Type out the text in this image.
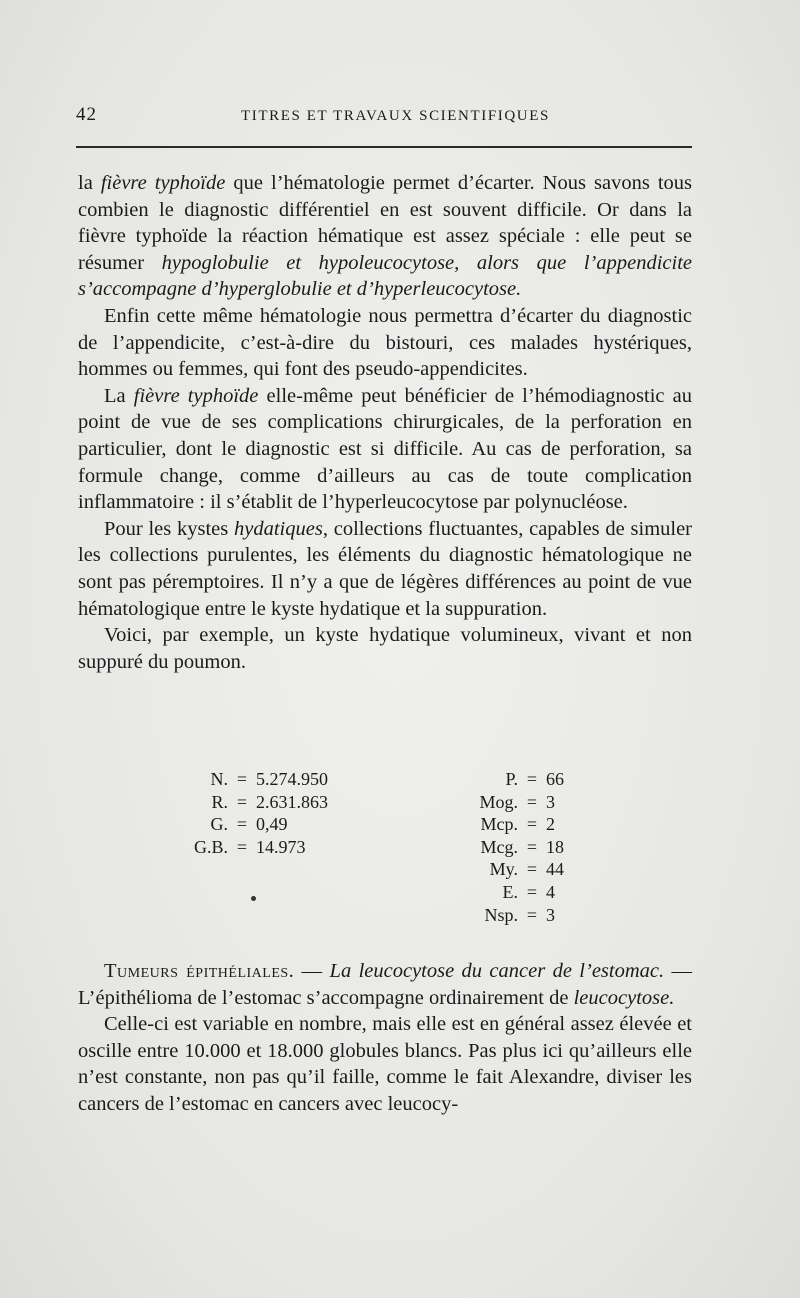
42	TITRES ET TRAVAUX SCIENTIFIQUES

la fièvre typhoïde que l’hématologie permet d’écarter. Nous savons tous combien le diagnostic différentiel en est souvent difficile. Or dans la fièvre typhoïde la réaction hématique est assez spéciale : elle peut se résumer hypoglobulie et hypoleucocytose, alors que l’appendicite s’accompagne d’hyperglobulie et d’hyperleucocytose.

Enfin cette même hématologie nous permettra d’écarter du diagnostic de l’appendicite, c’est-à-dire du bistouri, ces malades hystériques, hommes ou femmes, qui font des pseudo-appendicites.

La fièvre typhoïde elle-même peut bénéficier de l’hémodiagnostic au point de vue de ses complications chirurgicales, de la perforation en particulier, dont le diagnostic est si difficile. Au cas de perforation, sa formule change, comme d’ailleurs au cas de toute complication inflammatoire : il s’établit de l’hyperleucocytose par polynucléose.

Pour les kystes hydatiques, collections fluctuantes, capables de simuler les collections purulentes, les éléments du diagnostic hématologique ne sont pas péremptoires. Il n’y a que de légères différences au point de vue hématologique entre le kyste hydatique et la suppuration.

Voici, par exemple, un kyste hydatique volumineux, vivant et non suppuré du poumon.

N. = 5.274.950
R. = 2.631.863
G. = 0,49
G.B. = 14.973
P. = 66
Mog. = 3
Mcp. = 2
Mcg. = 18
My. = 44
E. = 4
Nsp. = 3

Tumeurs épithéliales. — La leucocytose du cancer de l’estomac. — L’épithélioma de l’estomac s’accompagne ordinairement de leucocytose.

Celle-ci est variable en nombre, mais elle est en général assez élevée et oscille entre 10.000 et 18.000 globules blancs. Pas plus ici qu’ailleurs elle n’est constante, non pas qu’il faille, comme le fait Alexandre, diviser les cancers de l’estomac en cancers avec leucocy-
